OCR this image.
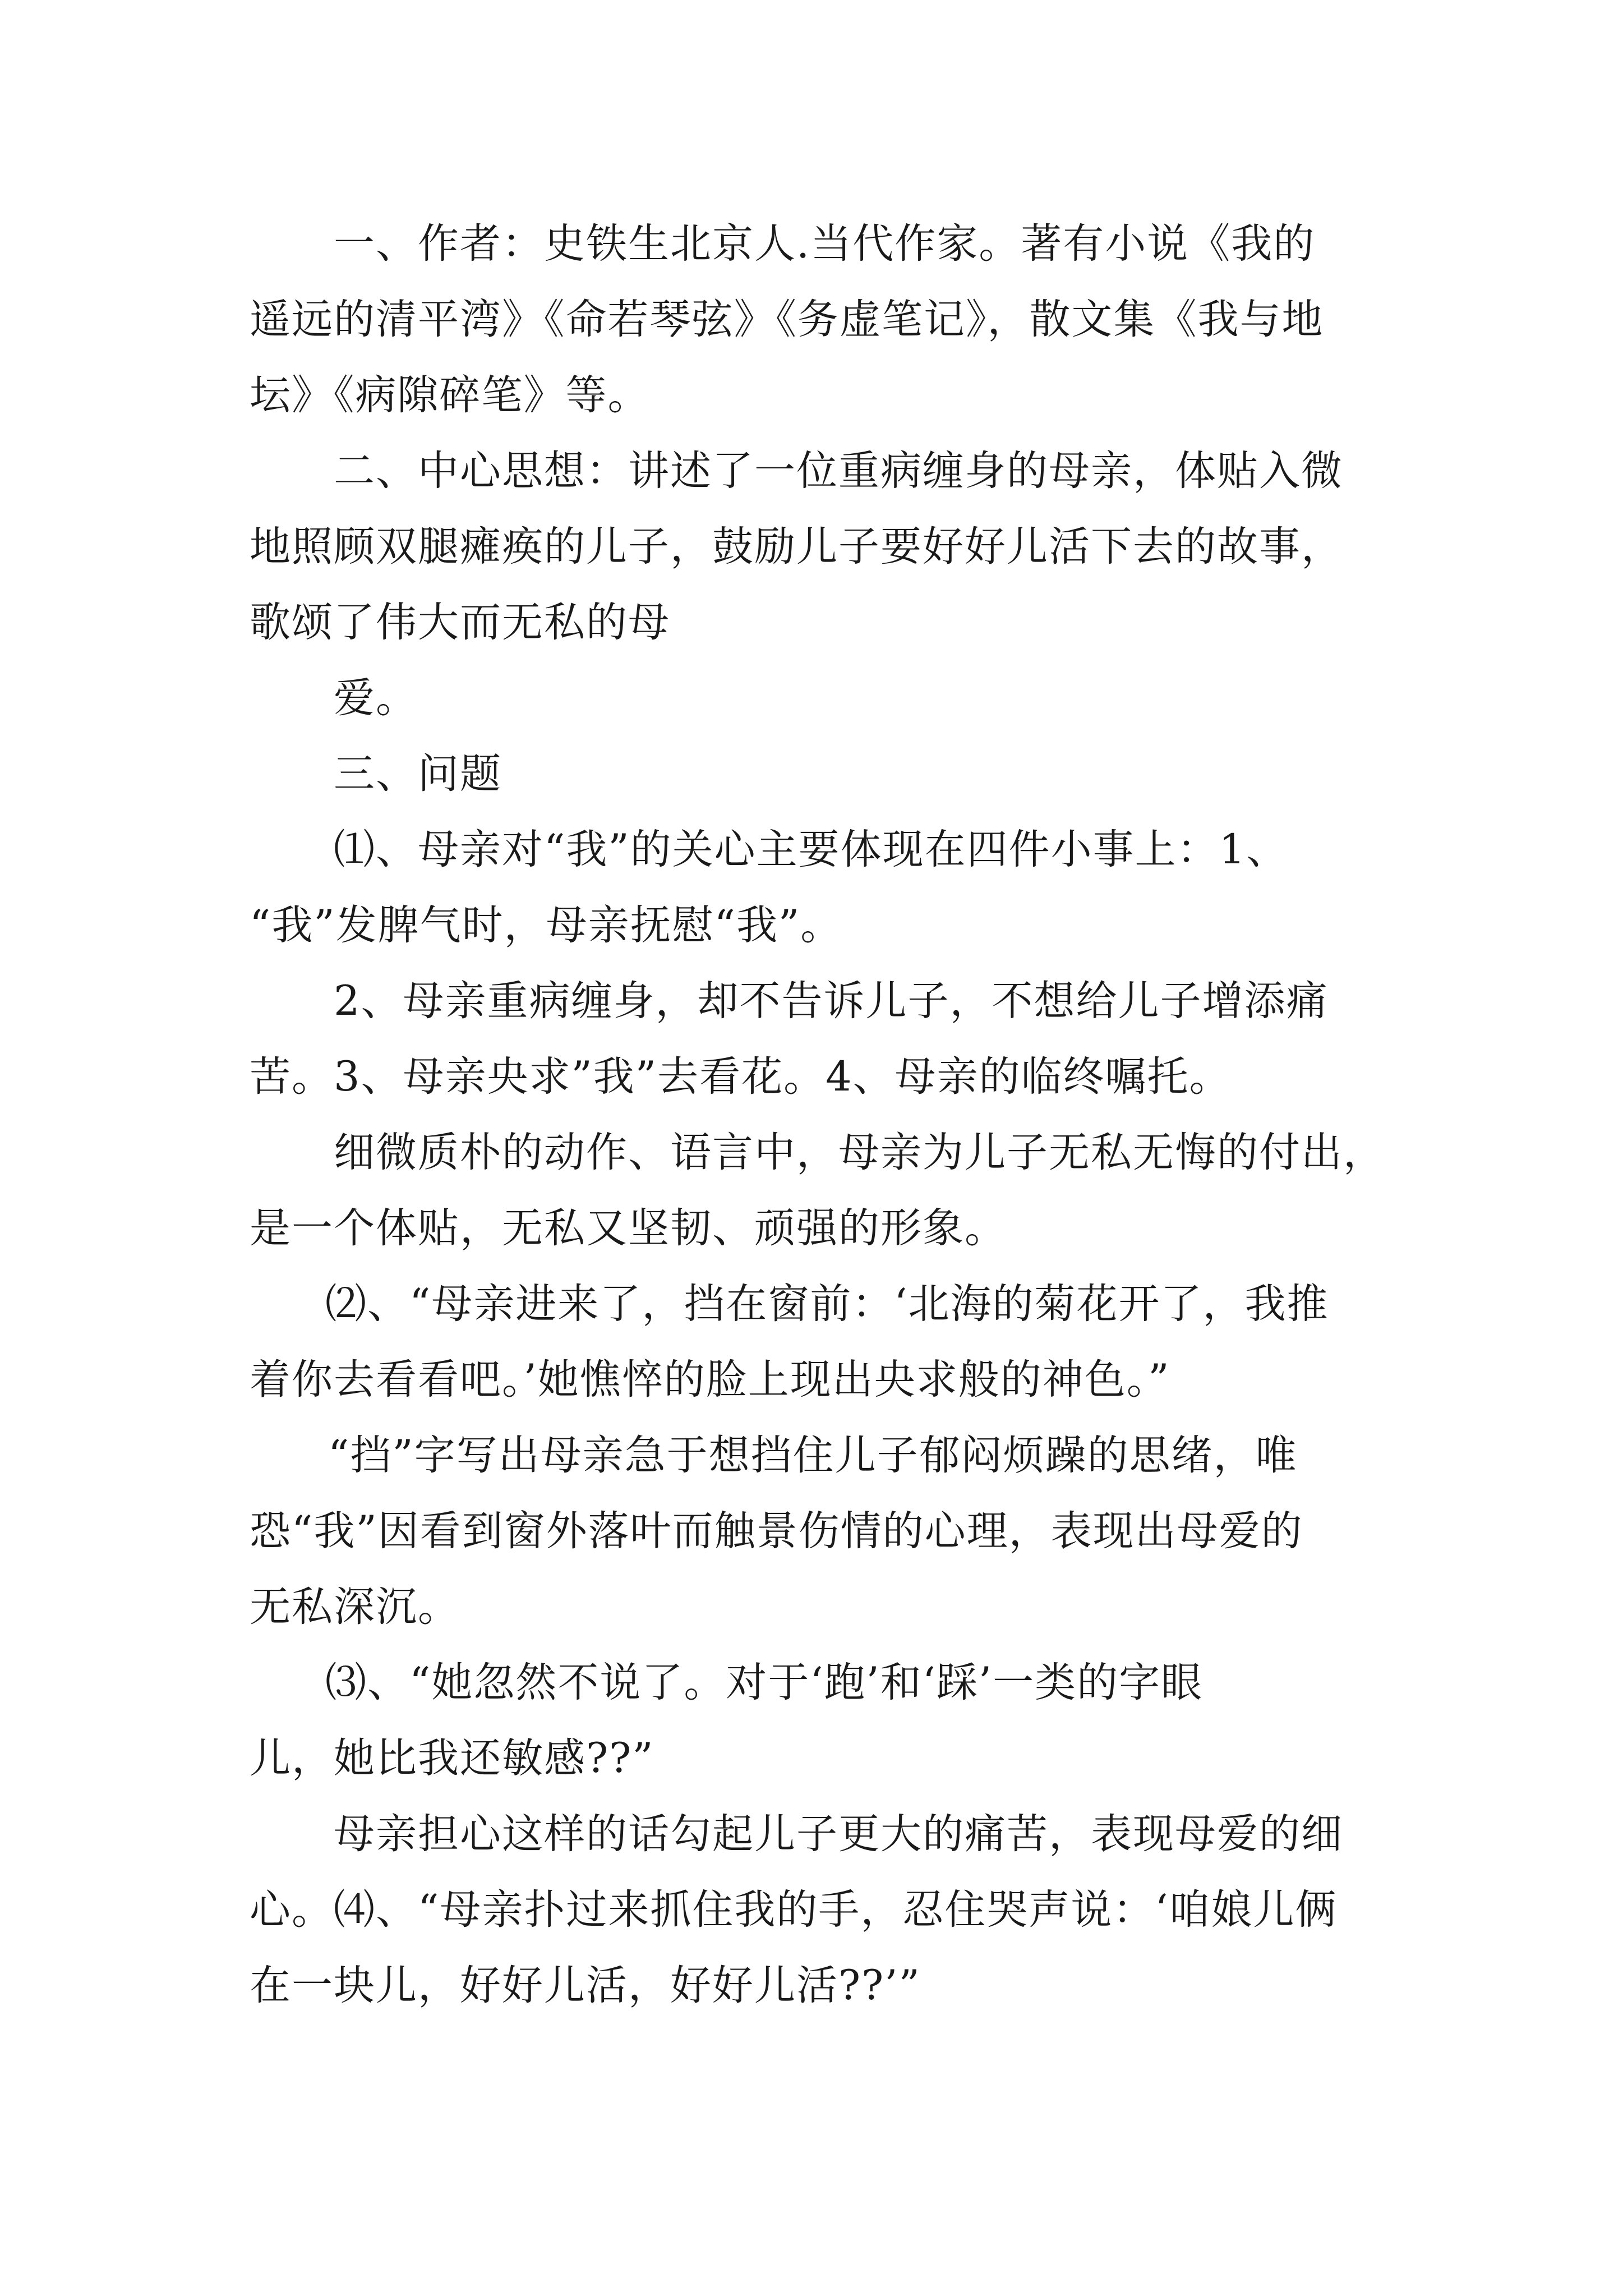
一、作者：史铁生北京人.当代作家。著有小说《我的
遥远的清平湾》《命若琴弦》《务虚笔记》，散文集《我与地
坛》《病隙碎笔》等。
二、中心思想：讲述了一位重病缠身的母亲，体贴入微
地照顾双腿瘫痪的儿子，鼓励儿子要好好儿活下去的故事，
歌颂了伟大而无私的母
爱。
三、问题
⑴、母亲对“我”的关心主要体现在四件小事上：1、
“我”发脾气时，母亲抚慰“我”。
2、母亲重病缠身，却不告诉儿子，不想给儿子增添痛
苦。3、母亲央求”我”去看花。4、母亲的临终嘱托。
细微质朴的动作、语言中，母亲为儿子无私无悔的付出，
是一个体贴，无私又坚韧、顽强的形象。
⑵、“母亲进来了，挡在窗前：‘北海的菊花开了，我推
着你去看看吧。’她憔悴的脸上现出央求般的神色。”
“挡”字写出母亲急于想挡住儿子郁闷烦躁的思绪，唯
恐“我”因看到窗外落叶而触景伤情的心理，表现出母爱的
无私深沉。
⑶、“她忽然不说了。对于‘跑’和‘踩’一类的字眼
儿，她比我还敏感??”
母亲担心这样的话勾起儿子更大的痛苦，表现母爱的细
心。⑷、“母亲扑过来抓住我的手，忍住哭声说：‘咱娘儿俩
在一块儿，好好儿活，好好儿活??’”
